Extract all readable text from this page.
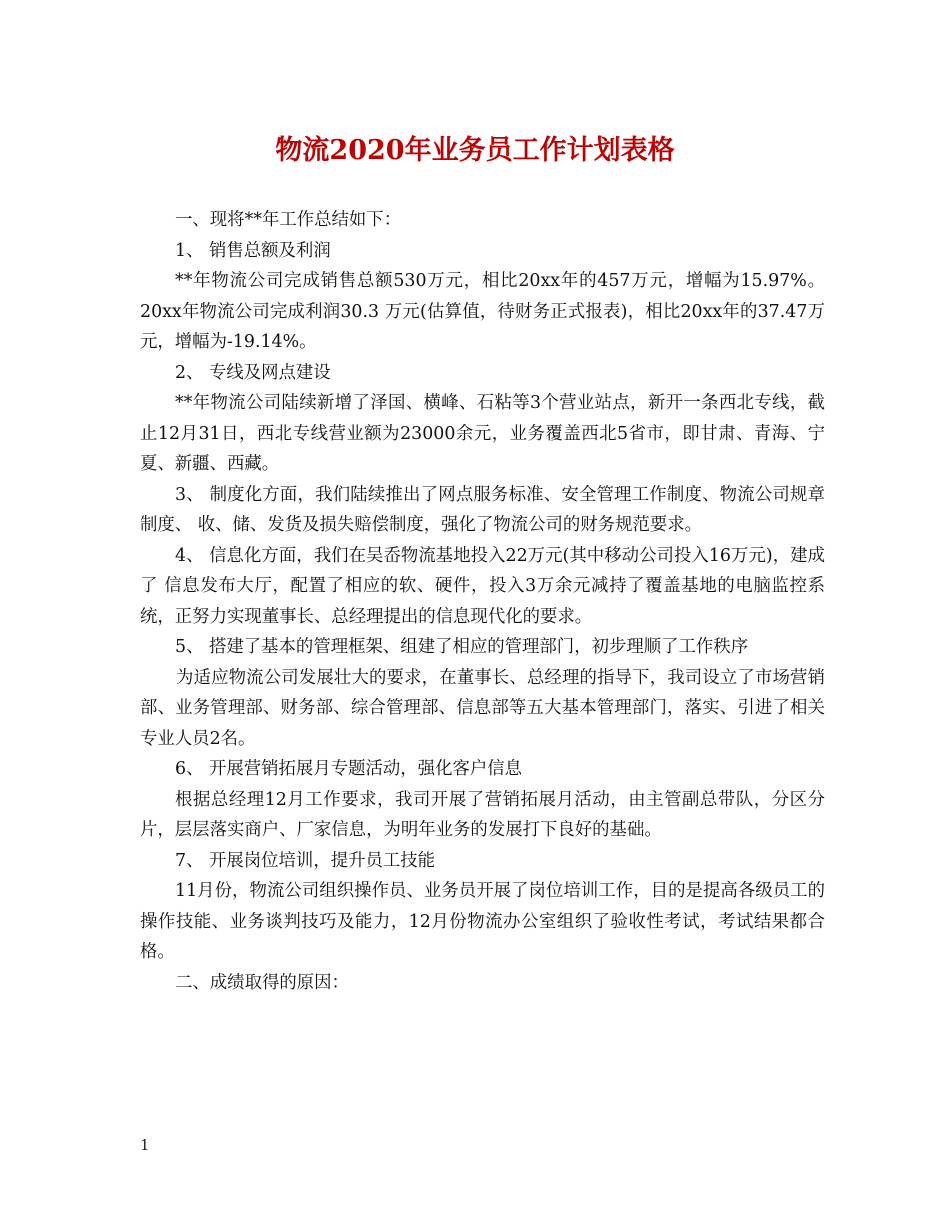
物流2020年业务员工作计划表格

一、现将**年工作总结如下：

1、 销售总额及利润

**年物流公司完成销售总额530万元，相比20xx年的457万元，增幅为15.97%。 20xx年物流公司完成利润30.3 万元(估算值，待财务正式报表)，相比20xx年的37.47万元，增幅为-19.14%。

2、 专线及网点建设

**年物流公司陆续新增了泽国、横峰、石粘等3个营业站点，新开一条西北专线，截止12月31日，西北专线营业额为23000余元，业务覆盖西北5省市，即甘肃、青海、宁夏、新疆、西藏。

3、 制度化方面，我们陆续推出了网点服务标准、安全管理工作制度、物流公司规章制度、 收、储、发货及损失赔偿制度，强化了物流公司的财务规范要求。

4、 信息化方面，我们在吴岙物流基地投入22万元(其中移动公司投入16万元)，建成了 信息发布大厅，配置了相应的软、硬件，投入3万余元减持了覆盖基地的电脑监控系统，正努力实现董事长、总经理提出的信息现代化的要求。

5、 搭建了基本的管理框架、组建了相应的管理部门，初步理顺了工作秩序

为适应物流公司发展壮大的要求，在董事长、总经理的指导下，我司设立了市场营销部、业务管理部、财务部、综合管理部、信息部等五大基本管理部门，落实、引进了相关专业人员2名。

6、 开展营销拓展月专题活动，强化客户信息

根据总经理12月工作要求，我司开展了营销拓展月活动，由主管副总带队，分区分片，层层落实商户、厂家信息，为明年业务的发展打下良好的基础。

7、 开展岗位培训，提升员工技能

11月份，物流公司组织操作员、业务员开展了岗位培训工作，目的是提高各级员工的操作技能、业务谈判技巧及能力，12月份物流办公室组织了验收性考试，考试结果都合格。

二、成绩取得的原因：

1
